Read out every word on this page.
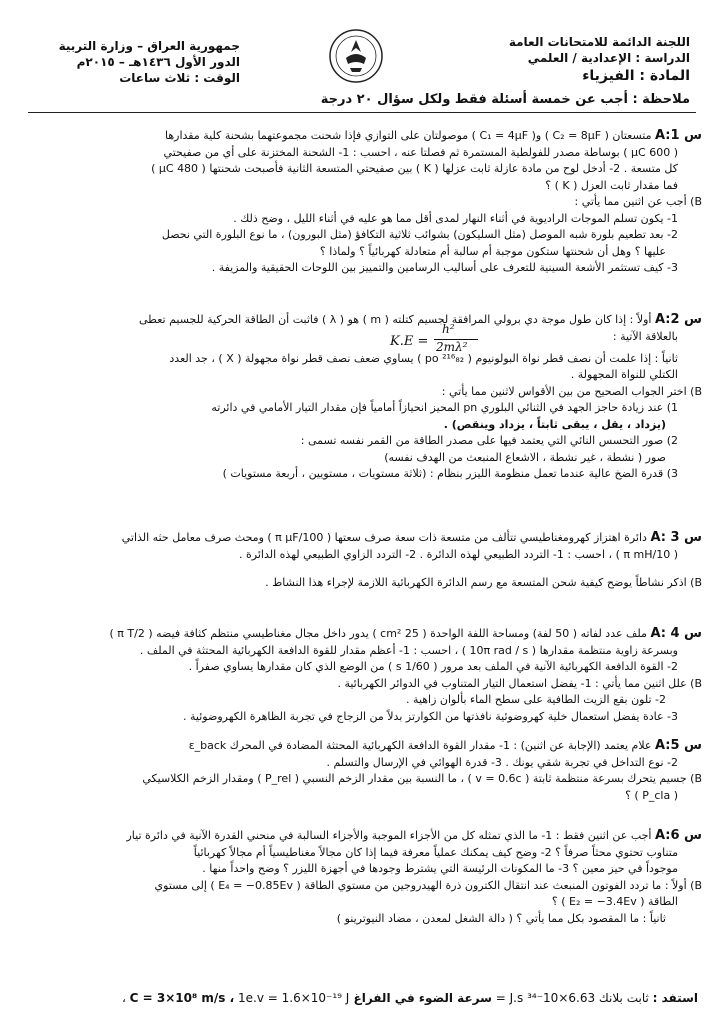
اللجنة الدائمة للامتحانات العامة
الدراسة : الإعدادية / العلمي
المادة : الفيزياء
جمهورية العراق – وزارة التربية
الدور الأول ١٤٣٦هـ – ٢٠١٥م
الوقت : ثلاث ساعات
ملاحظة : أجب عن خمسة أسئلة فقط ولكل سؤال ٢٠ درجة

س A:1 متسعتان ( C₂ = 8μF ) و( C₁ = 4μF ) موصولتان على التوازي فإذا شحنت مجموعتهما بشحنة كلية مقدارها

( 600 μC ) بوساطة مصدر للفولطية المستمرة ثم فصلتا عنه ، احسب : 1- الشحنة المختزنة على أي من صفيحتي

كل متسعة . 2- أدخل لوح من مادة عازلة ثابت عزلها ( K ) بين صفيحتي المتسعة الثانية فأصبحت شحنتها ( 480 μC )

فما مقدار ثابت العزل ( K ) ؟

B) أجب عن اثنين مما يأتي :

1- يكون تسلم الموجات الراديوية في أثناء النهار لمدى أقل مما هو عليه في أثناء الليل ، وضح ذلك .

2- بعد تطعيم بلورة شبه الموصل (مثل السليكون) بشوائب ثلاثية التكافؤ (مثل البورون) ، ما نوع البلورة التي نحصل

عليها ؟ وهل أن شحنتها ستكون موجبة أم سالبة أم متعادلة كهربائياً ؟ ولماذا ؟

3- كيف تستثمر الأشعة السينية للتعرف على أساليب الرسامين والتمييز بين اللوحات الحقيقية والمزيفة .

س A:2 أولاً : إذا كان طول موجة دي برولي المرافقة لجسيم كتلته ( m ) هو ( λ ) فاثبت أن الطاقة الحركية للجسيم تعطى

بالعلاقة الآتية :

ثانياً : إذا علمت أن نصف قطر نواة البولونيوم ( ²¹⁶₈₂ po ) يساوي ضعف نصف قطر نواة مجهولة ( X ) ، جد العدد

الكتلي للنواة المجهولة .

B) اختر الجواب الصحيح من بين الأقواس لاثنين مما يأتي :

1) عند زيادة حاجز الجهد في الثنائي البلوري pn المحيز انحيازاً أمامياً فإن مقدار التيار الأمامي في دائرته

(يزداد ، يقل ، يبقى ثابتاً ، يزداد وينقص) .

2) صور التحسس النائي التي يعتمد فيها على مصدر الطاقة من القمر نفسه تسمى :

صور ( نشطة ، غير نشطة ، الاشعاع المنبعث من الهدف نفسه)

3) قدرة الضخ عالية عندما تعمل منظومة الليزر بنظام : (ثلاثة مستويات ، مستويين ، أربعة مستويات )

K.E =
h²
2mλ²

س A: 3 دائرة اهتزاز كهرومغناطيسي تتألف من متسعة ذات سعة صرف سعتها ( 100/π μF ) ومحث صرف معامل حثه الذاتي

( 10/π mH ) ، احسب : 1- التردد الطبيعي لهذه الدائرة . 2- التردد الزاوي الطبيعي لهذه الدائرة .

B) اذكر نشاطاً يوضح كيفية شحن المتسعة مع رسم الدائرة الكهربائية اللازمة لإجراء هذا النشاط .

س A: 4 ملف عدد لفاته ( 50 لفة) ومساحة اللفة الواحدة ( 25 cm² ) يدور داخل مجال مغناطيسي منتظم كثافة فيضه ( 2/π T )

وبسرعة زاوية منتظمة مقدارها ( 10π rad / s ) ، احسب : 1- أعظم مقدار للقوة الدافعة الكهربائية المحتثة في الملف .

2- القوة الدافعة الكهربائية الآنية في الملف بعد مرور ( 1/60 s ) من الوضع الذي كان مقدارها يساوي صفراً .

B) علل اثنين مما يأتي : 1- يفضل استعمال التيار المتناوب في الدوائر الكهربائية .

2- تلون بقع الزيت الطافية على سطح الماء بألوان زاهية .

3- عادة يفضل استعمال خلية كهروضوئية نافذتها من الكوارتز بدلاً من الزجاج في تجربة الظاهرة الكهروضوئية .

س A:5 علام يعتمد (الإجابة عن اثنين) : 1- مقدار القوة الدافعة الكهربائية المحتثة المضادة في المحرك ε_back

2- نوع التداخل في تجربة شقي يونك . 3- قدرة الهوائي في الإرسال والتسلم .

B) جسيم يتحرك بسرعة منتظمة ثابتة ( v = 0.6c ) ، ما النسبة بين مقدار الزخم النسبي ( P_rel ) ومقدار الزخم الكلاسيكي

( P_cla ) ؟

س A:6 أجب عن اثنين فقط : 1- ما الذي تمثله كل من الأجزاء الموجبة والأجزاء السالبة في منحني القدرة الآنية في دائرة تيار

متناوب تحتوي محثاً صرفاً ؟ 2- وضح كيف يمكنك عملياً معرفة فيما إذا كان مجالاً مغناطيسياً أم مجالاً كهربائياً

موجوداً في حيز معين ؟ 3- ما المكونات الرئيسة التي يشترط وجودها في أجهزة الليزر ؟ وضح واحداً منها .

B) أولاً : ما تردد الفوتون المنبعث عند انتقال الكترون ذرة الهيدروجين من مستوي الطاقة ( E₄ = −0.85Ev ) إلى مستوي

الطاقة ( E₂ = −3.4Ev ) ؟

ثانياً : ما المقصود بكل مما يأتي ؟ ( دالة الشغل لمعدن ، مضاد النيوترينو )

استفد : ثابت بلانك 6.63×10⁻³⁴ J.s = سرعة الضوء في الفراغ C = 3×10⁸ m/s ، 1e.v = 1.6×10⁻¹⁹ J ،
